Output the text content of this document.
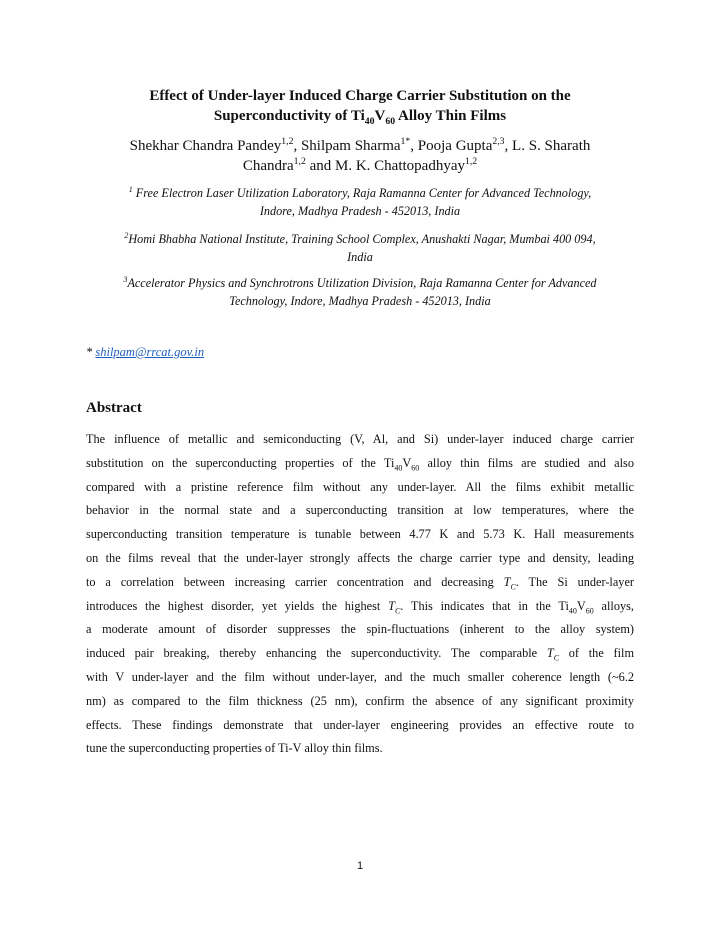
Effect of Under-layer Induced Charge Carrier Substitution on the
Superconductivity of $Ti_{40}V_{60}$ Alloy Thin Films
Shekhar Chandra Pandey$^{1,2}$, Shilpam Sharma$^{1*}$, Pooja Gupta$^{2,3}$, L. S. Sharath
Chandra$^{1,2}$ and M. K. Chattopadhyay$^{1,2}$
$^1$ Free Electron Laser Utilization Laboratory, Raja Ramanna Center for Advanced Technology,
Indore, Madhya Pradesh - 452013, India
$^2$Homi Bhabha National Institute, Training School Complex, Anushakti Nagar, Mumbai 400 094,
India
$^3$Accelerator Physics and Synchrotrons Utilization Division, Raja Ramanna Center for Advanced
Technology, Indore, Madhya Pradesh - 452013, India
* shilpam@rrcat.gov.in
Abstract
The influence of metallic and semiconducting (V, Al, and Si) under-layer induced charge carrier
substitution on the superconducting properties of the $Ti_{40}V_{60}$ alloy thin films are studied and also
compared with a pristine reference film without any under-layer. All the films exhibit metallic
behavior in the normal state and a superconducting transition at low temperatures, where the
superconducting transition temperature is tunable between 4.77 K and 5.73 K. Hall measurements
on the films reveal that the under-layer strongly affects the charge carrier type and density, leading
to a correlation between increasing carrier concentration and decreasing $T_C$. The Si under-layer
introduces the highest disorder, yet yields the highest $T_C$. This indicates that in the $Ti_{40}V_{60}$ alloys,
a moderate amount of disorder suppresses the spin-fluctuations (inherent to the alloy system)
induced pair breaking, thereby enhancing the superconductivity. The comparable $T_C$ of the film
with V under-layer and the film without under-layer, and the much smaller coherence length (~6.2
nm) as compared to the film thickness (25 nm), confirm the absence of any significant proximity
effects. These findings demonstrate that under-layer engineering provides an effective route to
tune the superconducting properties of Ti-V alloy thin films.
1
